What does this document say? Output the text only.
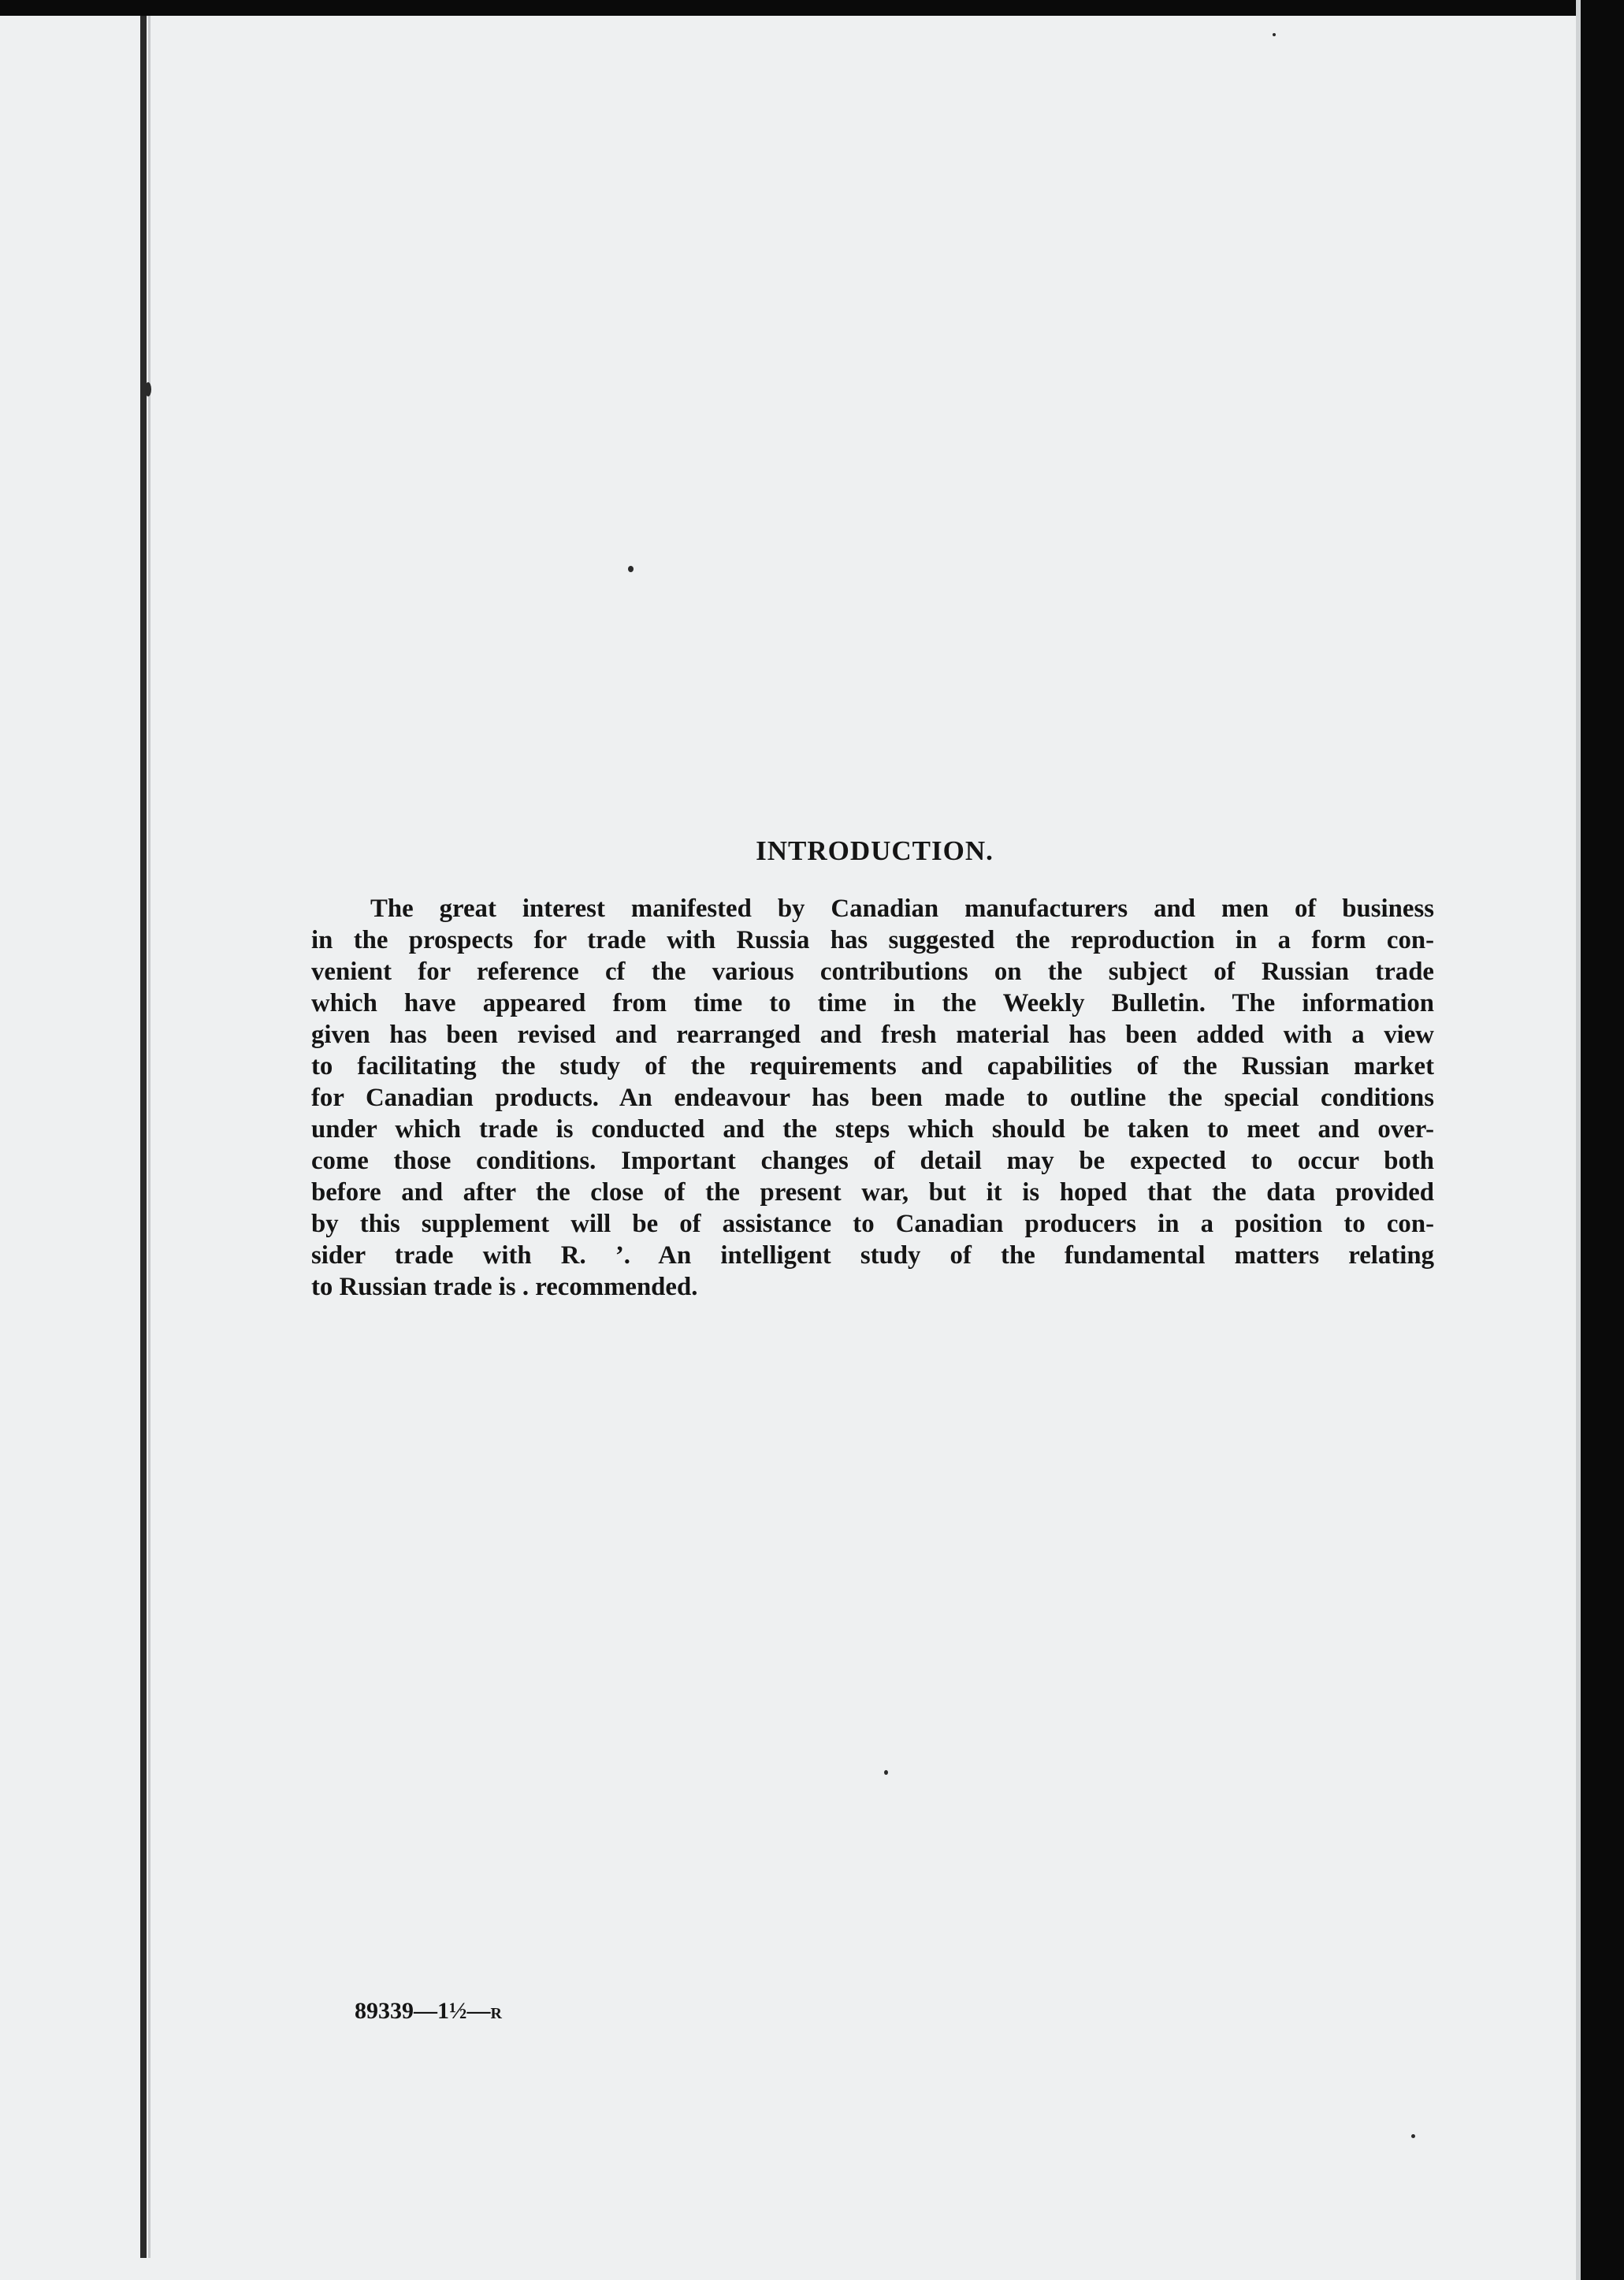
INTRODUCTION.
The great interest manifested by Canadian manufacturers and men of business
in the prospects for trade with Russia has suggested the reproduction in a form con-
venient for reference cf the various contributions on the subject of Russian trade
which have appeared from time to time in the Weekly Bulletin. The information
given has been revised and rearranged and fresh material has been added with a view
to facilitating the study of the requirements and capabilities of the Russian market
for Canadian products. An endeavour has been made to outline the special conditions
under which trade is conducted and the steps which should be taken to meet and over-
come those conditions. Important changes of detail may be expected to occur both
before and after the close of the present war, but it is hoped that the data provided
by this supplement will be of assistance to Canadian producers in a position to con-
sider trade with R. ’. An intelligent study of the fundamental matters relating
to Russian trade is . recommended.

89339—1½—R
